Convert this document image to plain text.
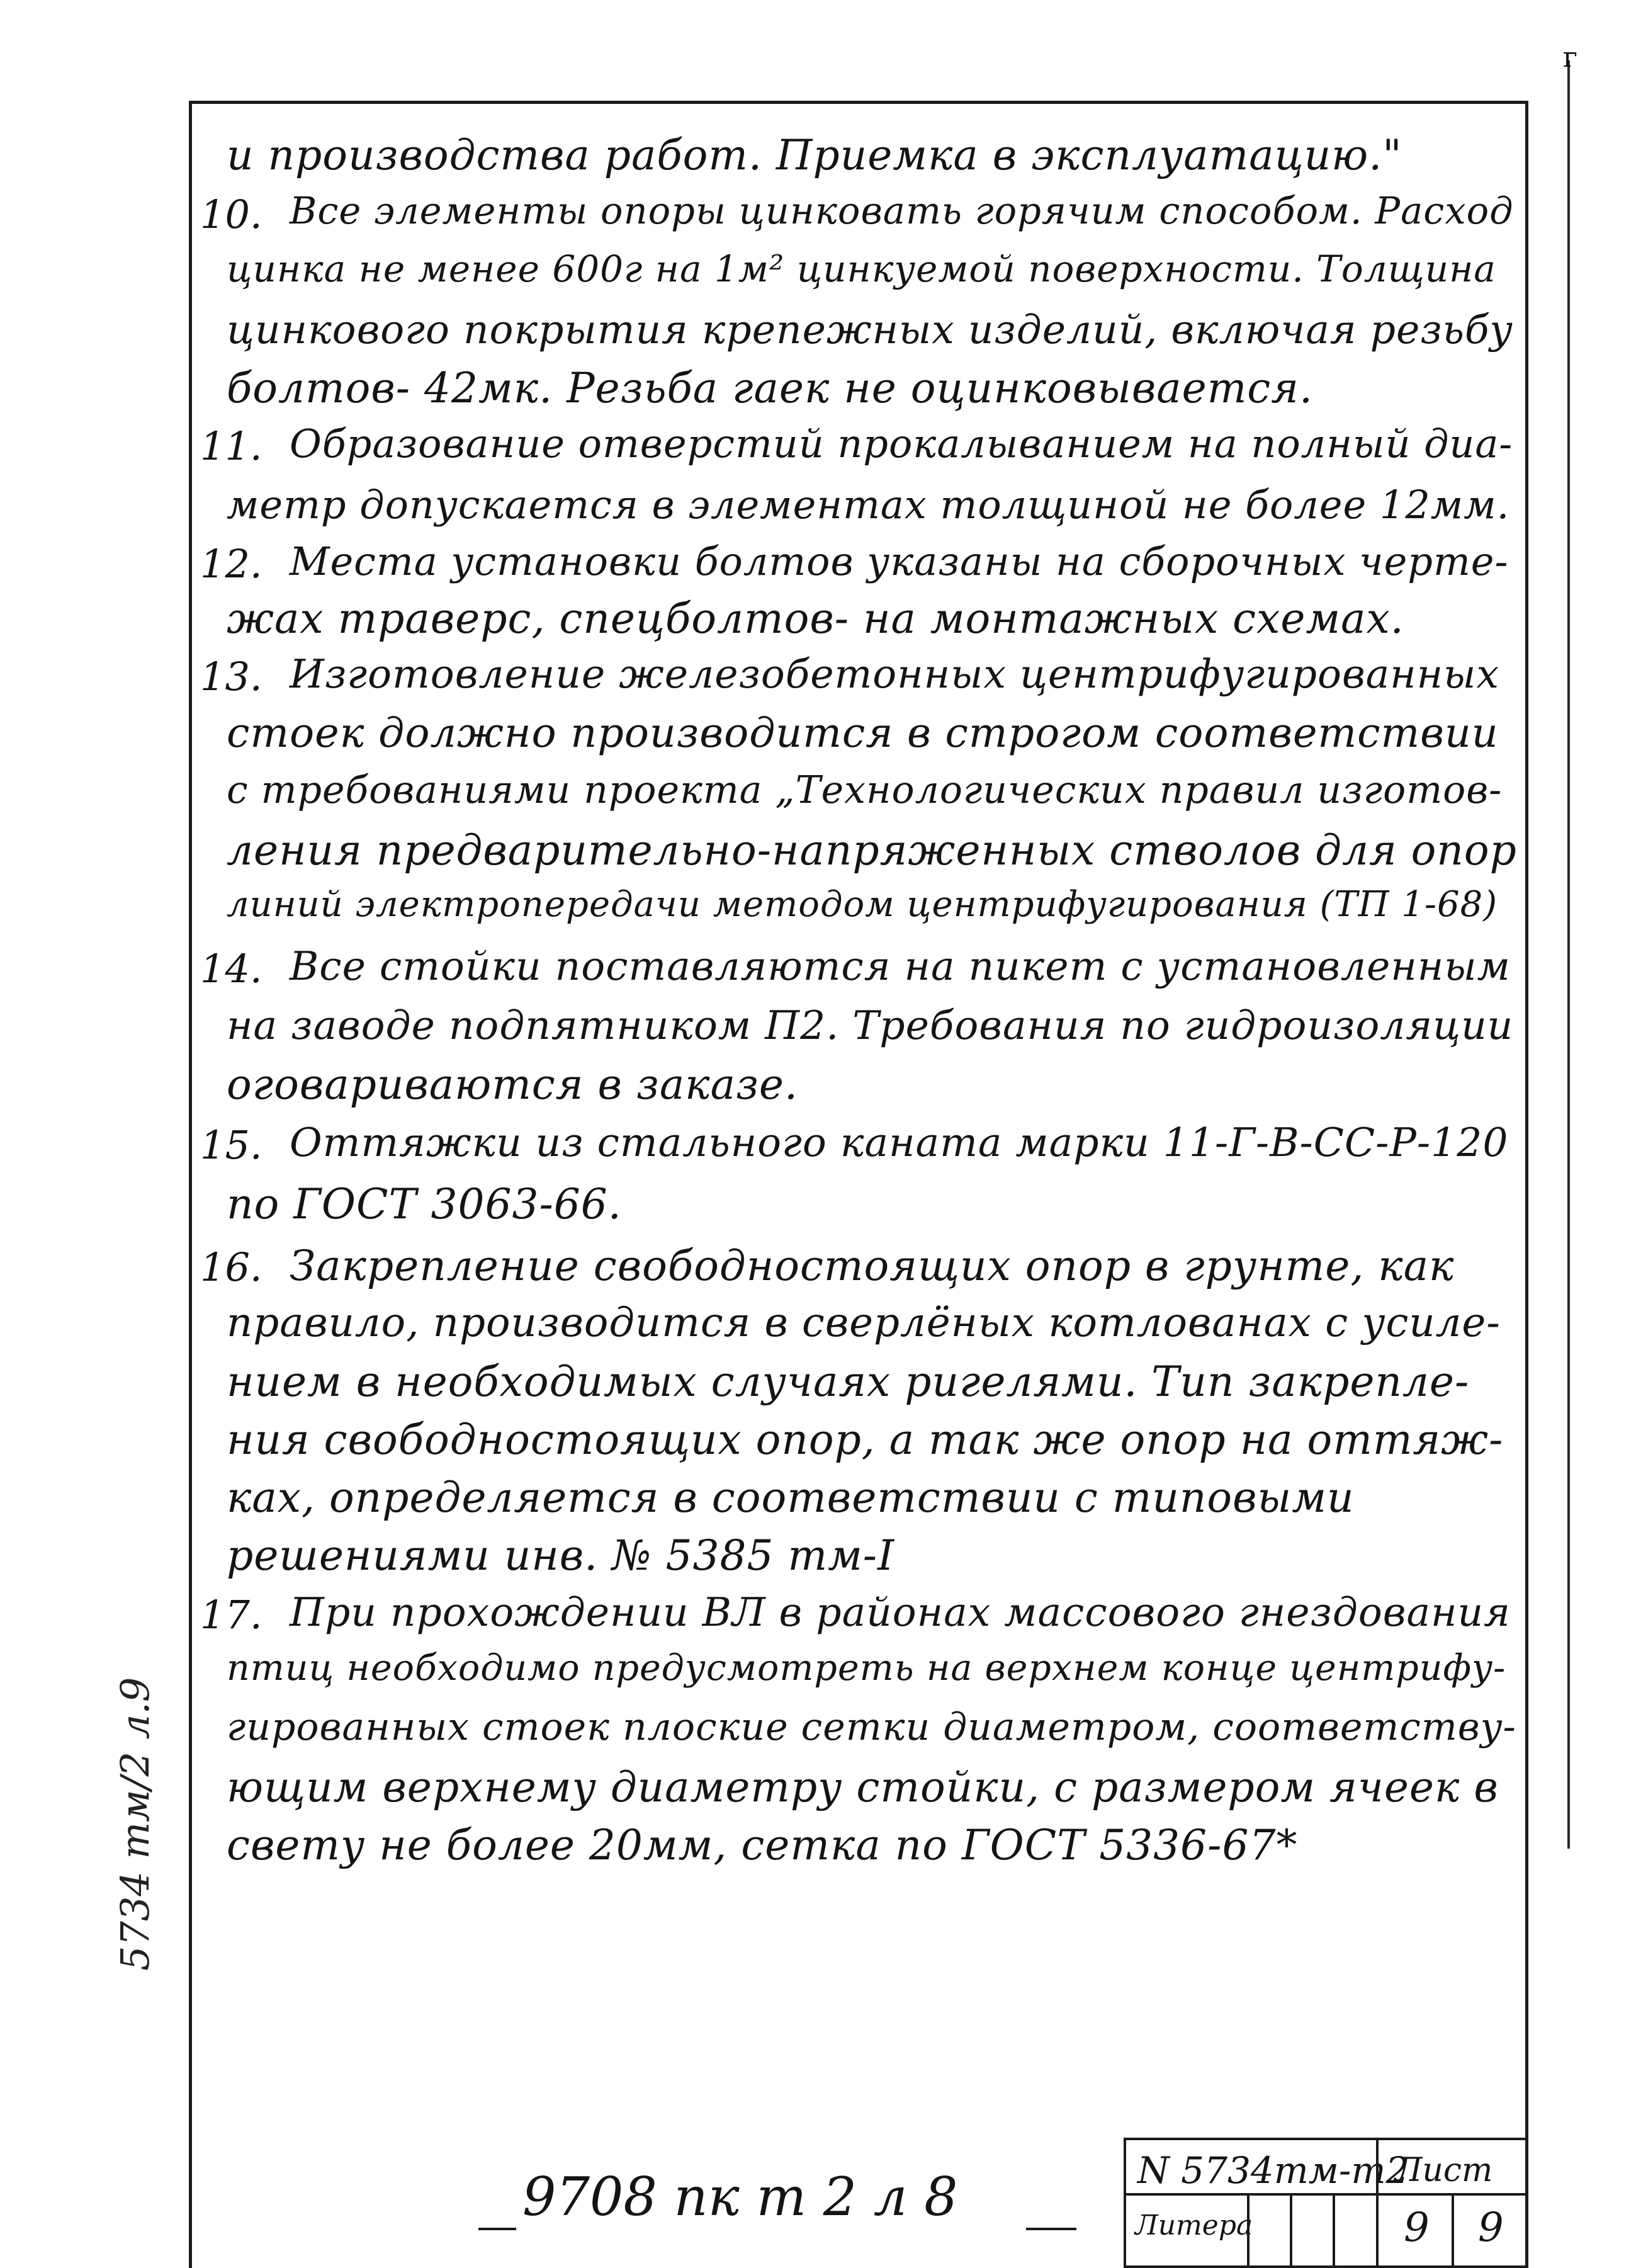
г
и производства работ. Приемка в эксплуатацию."
10. Все элементы опоры цинковать горячим способом. Расход
цинка не менее 600г на 1м² цинкуемой поверхности. Толщина
цинкового покрытия крепежных изделий, включая резьбу
болтов- 42мк. Резьба гаек не оцинковывается.
11. Образование отверстий прокалыванием на полный диа-
метр допускается в элементах толщиной не более 12мм.
12. Места установки болтов указаны на сборочных черте-
жах траверс, спецболтов- на монтажных схемах.
13. Изготовление железобетонных центрифугированных
стоек должно производится в строгом соответствии
с требованиями проекта „Технологических правил изготов-
ления предварительно-напряженных стволов для опор
линий электропередачи методом центрифугирования (ТП 1-68)
14. Все стойки поставляются на пикет с установленным
на заводе подпятником П2. Требования по гидроизоляции
оговариваются в заказе.
15. Оттяжки из стального каната марки 11-Г-В-СС-Р-120
по ГОСТ 3063-66.
16. Закрепление свободностоящих опор в грунте, как
правило, производится в сверлёных котлованах с усиле-
нием в необходимых случаях ригелями. Тип закрепле-
ния свободностоящих опор, а так же опор на оттяж-
ках, определяется в соответствии с типовыми
решениями инв. № 5385 тм-I
17. При прохождении ВЛ в районах массового гнездования
птиц необходимо предусмотреть на верхнем конце центрифу-
гированных стоек плоские сетки диаметром, соответству-
ющим верхнему диаметру стойки, с размером ячеек в
свету не более 20мм, сетка по ГОСТ 5336-67*
5734 тм/2 л.9
9708 пк т 2 л 8	N 5734тм-т2
Лист
Литера	9 9
